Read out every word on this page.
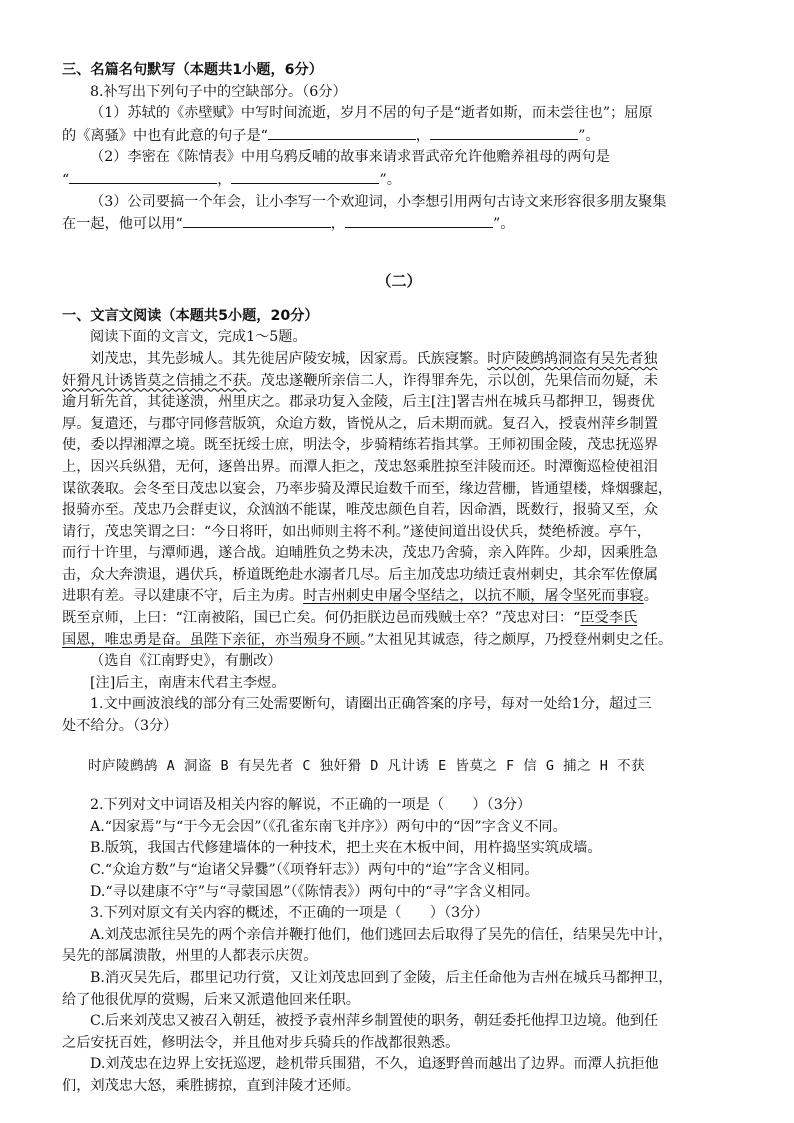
三、名篇名句默写（本题共1小题，6分）
8.补写出下列句子中的空缺部分。（6分）
（1）苏轼的《赤壁赋》中写时间流逝，岁月不居的句子是“逝者如斯，而未尝往也”；屈原
的《离骚》中也有此意的句子是“	，	”。
（2）李密在《陈情表》中用乌鸦反哺的故事来请求晋武帝允许他赡养祖母的两句是
“	，	”。
（3）公司要搞一个年会，让小李写一个欢迎词，小李想引用两句古诗文来形容很多朋友聚集
在一起，他可以用“	，	”。
（二）
一、文言文阅读（本题共5小题，20分）
阅读下面的文言文，完成1～5题。
刘茂忠，其先彭城人。其先徙居庐陵安城，因家焉。氏族寖繁。时庐陵鹧鸪洞盗有吴先者独
奸猾凡计诱皆莫之信捕之不获。茂忠遂鞭所亲信二人，诈得罪奔先，示以创，先果信而勿疑，未
逾月斩先首，其徒遂溃，州里庆之。郡录功复入金陵，后主[注]署吉州在城兵马都押卫，锡赉优
厚。复遣还，与郡守同修营版筑，众迨方数，皆悦从之，后未期而就。复召入，授袁州萍乡制置
使，委以捍湘潭之境。既至抚绥士庶，明法令，步骑精练若指其掌。王师初围金陵，茂忠抚巡界
上，因兴兵纵猎，无何，逐兽出界。而潭人拒之，茂忠怒乘胜掠至沣陵而还。时潭衡巡检使祖泪
谋欲袭取。会冬至日茂忠以宴会，乃率步骑及潭民迨数千而至，缘边营栅，皆通望楼，烽烟骤起，
报骑亦至。茂忠乃会群吏议，众汹汹不能谋，唯茂忠颜色自若，因命酒，既数行，报骑又至，众
请行，茂忠笑谓之曰：“今日将旰，如出师则主将不利。”遂使间道出设伏兵，焚绝桥渡。亭午，
而行十许里，与潭师遇，遂合战。迫晡胜负之势未决，茂忠乃舍骑，亲入阵阵。少却，因乘胜急
击，众大奔溃退，遇伏兵，桥道既绝赴水溺者几尽。后主加茂忠功绩迁袁州刺史，其余军佐僚属
进职有差。寻以建康不守，后主为虏。时吉州刺史申屠令坚结之，以抗不顺，屠令坚死而事寝。
既至京师，上曰：“江南被陷，国已亡矣。何仍拒朕边邑而残贼士卒？”茂忠对曰：“臣受李氏
国恩，唯忠勇是奋。虽陛下亲征，亦当殒身不顾。”太祖见其诚悫，待之颇厚，乃授登州刺史之任。
（选自《江南野史》，有删改）
[注]后主，南唐末代君主李煜。
1.文中画波浪线的部分有三处需要断句，请圈出正确答案的序号，每对一处给1分，超过三
处不给分。（3分）
时庐陵鹧鸪 A 洞盗 B 有吴先者 C 独奸猾 D 凡计诱 E 皆莫之 F 信 G 捕之 H 不获
2.下列对文中词语及相关内容的解说，不正确的一项是（　　）（3分）
A.“因家焉”与“于今无会因”（《孔雀东南飞并序》）两句中的“因”字含义不同。
B.版筑，我国古代修建墙体的一种技术，把土夹在木板中间，用杵捣坚实筑成墙。
C.“众迨方数”与“迨诸父异爨”（《项脊轩志》）两句中的“迨”字含义相同。
D.“寻以建康不守”与“寻蒙国恩”（《陈情表》）两句中的“寻”字含义相同。
3.下列对原文有关内容的概述，不正确的一项是（　　）（3分）
A.刘茂忠派往吴先的两个亲信并鞭打他们，他们逃回去后取得了吴先的信任，结果吴先中计，
吴先的部属溃散，州里的人都表示庆贺。
B.消灭吴先后，郡里记功行赏，又让刘茂忠回到了金陵，后主任命他为吉州在城兵马都押卫，
给了他很优厚的赏赐，后来又派遣他回来任职。
C.后来刘茂忠又被召入朝廷，被授予袁州萍乡制置使的职务，朝廷委托他捍卫边境。他到任
之后安抚百姓，修明法令，并且他对步兵骑兵的作战都很熟悉。
D.刘茂忠在边界上安抚巡逻，趁机带兵围猎，不久，追逐野兽而越出了边界。而潭人抗拒他
们，刘茂忠大怒，乘胜掳掠，直到沣陵才还师。
